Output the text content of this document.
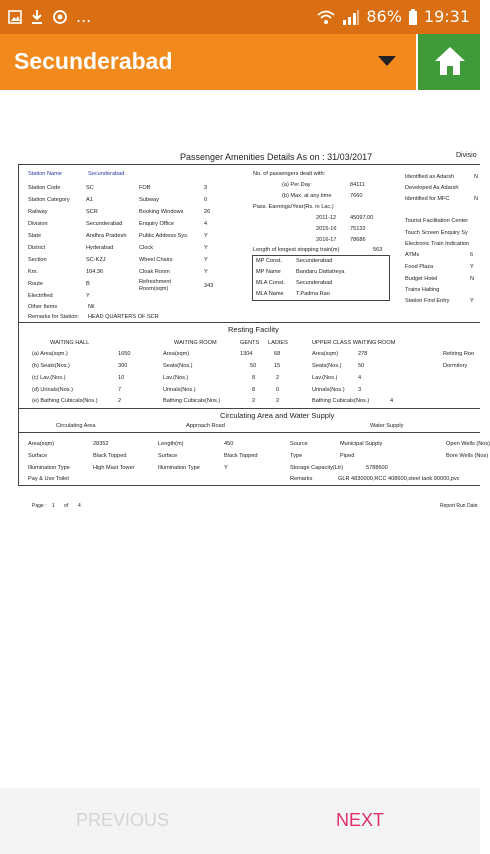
...	86% 19:31
Secunderabad
Passenger Amenities Details As on : 31/03/2017	Divisio
Station Name	Secunderabad
Station Code	SC
Station Category	A1
Railway	SCR
Division	Secunderabad
State	Andhra Pradesh
District	Hyderabad
Section	SC-KZJ
Km.	104.36
Route	B
Electrified	Y
FOB	3
Subway	0
Booking Windows	26
Enquiry Office	4
Public Address Sys.	Y
Clock	Y
Wheel Chairs	Y
Cloak Room	Y
Refreshment Room(sqm)	343
No. of passengers dealt with:
(a) Per Day	84111
(b) Max. at any time	7660
Pass. Earnings/Year(Rs. in Lac.)
2011-12 45097.00
2015-16 75132
2016-17 78686
Length of longest stopping train(m)	563
MP Const. Secunderabad
MP Name	Bandaru Dattatreya
MLA Const. Secunderabad
MLA Name T.Padma Rao
Identified as Adarsh	N
Developed As Adarsh
Identified for MFC	N
Tourist Facilitation Center
Touch Screen Enquiry Sy
Electronic Train Indication
ATMs	6
Food Plaza	Y
Budget Hotel	N
Trains Halting
Station Find Entry	Y
Other Items	Nil
Remarks for Station: HEAD QUARTERS OF SCR
Resting Facility
WAITING HALL	WAITING ROOM	GENTS LADIES	UPPER CLASS WAITING ROOM
Retiring Roo
Dormitory
(a) Area(sqm.)	1650	Area(sqm)	1304	68	Area(sqm)	278
(b) Seats(Nos.)	300	Seats(Nos.)	50	15	Seats(Nos.)	50
(c) Lav.(Nos.)	10	Lav.(Nos.)	8	2	Lav.(Nos.)	4
(d) Urinals(Nos.)	7	Urinals(Nos.)	8	0	Urinals(Nos.) 3
(e) Bathing Cubicals(Nos.)	2	Bathing Cubicals(Nos.)	2	2	Bathing Cubicals(Nos.)	4
Circulating Area and Water Supply
Circulating Area	Approach Road	Water Supply
Area(sqm)	28352
Surface	Black Topped
Illumination Type	High Mast Tower
Pay & Use Toilet
Length(m)	450
Surface	Black Topped
Illumination Type	Y
Source	Municipal Supply
Type	Piped
Storage Capacity(Ltr)	5788600
Remarks	GLR 4830000,RCC 408600,steel tank 90000,pvc
Open Wells (Nos)
Bore Wells (Nos)
Page : 1 of 4	Report Run Date
PREVIOUS	NEXT
